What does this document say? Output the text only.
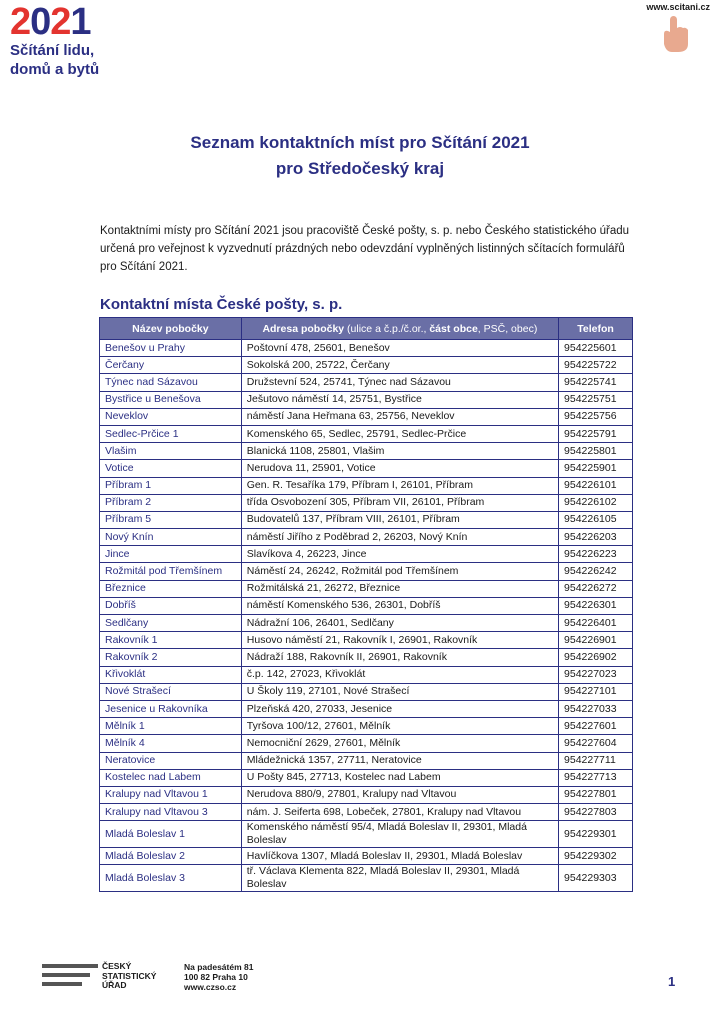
2 0 2 1
Sčítání lidu,
domů a bytů
www.scitani.cz
Seznam kontaktních míst pro Sčítání 2021
pro Středočeský kraj

Kontaktními místy pro Sčítání 2021 jsou pracoviště České pošty, s. p. nebo Českého statistického úřadu určená pro veřejnost k vyzvednutí prázdných nebo odevzdání vyplněných listinných sčítacích formulářů pro Sčítání 2021.

Kontaktní místa České pošty, s. p.
Název pobočky	Adresa pobočky (ulice a č.p./č.or., část obce, PSČ, obec)	Telefon
Benešov u Prahy	Poštovní 478, 25601, Benešov	954225601
Čerčany	Sokolská 200, 25722, Čerčany	954225722
Týnec nad Sázavou	Družstevní 524, 25741, Týnec nad Sázavou	954225741
Bystřice u Benešova	Ješutovo náměstí 14, 25751, Bystřice	954225751
Neveklov	náměstí Jana Heřmana 63, 25756, Neveklov	954225756
Sedlec-Prčice 1	Komenského 65, Sedlec, 25791, Sedlec-Prčice	954225791
Vlašim	Blanická 1108, 25801, Vlašim	954225801
Votice	Nerudova 11, 25901, Votice	954225901
Příbram 1	Gen. R. Tesaříka 179, Příbram I, 26101, Příbram	954226101
Příbram 2	třída Osvobození 305, Příbram VII, 26101, Příbram	954226102
Příbram 5	Budovatelů 137, Příbram VIII, 26101, Příbram	954226105
Nový Knín	náměstí Jiřího z Poděbrad 2, 26203, Nový Knín	954226203
Jince	Slavíkova 4, 26223, Jince	954226223
Rožmitál pod Třemšínem	Náměstí 24, 26242, Rožmitál pod Třemšínem	954226242
Březnice	Rožmitálská 21, 26272, Březnice	954226272
Dobříš	náměstí Komenského 536, 26301, Dobříš	954226301
Sedlčany	Nádražní 106, 26401, Sedlčany	954226401
Rakovník 1	Husovo náměstí 21, Rakovník I, 26901, Rakovník	954226901
Rakovník 2	Nádraží 188, Rakovník II, 26901, Rakovník	954226902
Křivoklát	č.p. 142, 27023, Křivoklát	954227023
Nové Strašecí	U Školy 119, 27101, Nové Strašecí	954227101
Jesenice u Rakovníka	Plzeňská 420, 27033, Jesenice	954227033
Mělník 1	Tyršova 100/12, 27601, Mělník	954227601
Mělník 4	Nemocniční 2629, 27601, Mělník	954227604
Neratovice	Mládežnická 1357, 27711, Neratovice	954227711
Kostelec nad Labem	U Pošty 845, 27713, Kostelec nad Labem	954227713
Kralupy nad Vltavou 1	Nerudova 880/9, 27801, Kralupy nad Vltavou	954227801
Kralupy nad Vltavou 3	nám. J. Seiferta 698, Lobeček, 27801, Kralupy nad Vltavou	954227803
Mladá Boleslav 1	Komenského náměstí 95/4, Mladá Boleslav II, 29301, Mladá Boleslav	954229301
Mladá Boleslav 2	Havlíčkova 1307, Mladá Boleslav II, 29301, Mladá Boleslav	954229302
Mladá Boleslav 3	tř. Václava Klementa 822, Mladá Boleslav II, 29301, Mladá Boleslav	954229303
ČESKÝ
STATISTICKÝ
ÚŘAD
Na padesátém 81
100 82 Praha 10
www.czso.cz	1
